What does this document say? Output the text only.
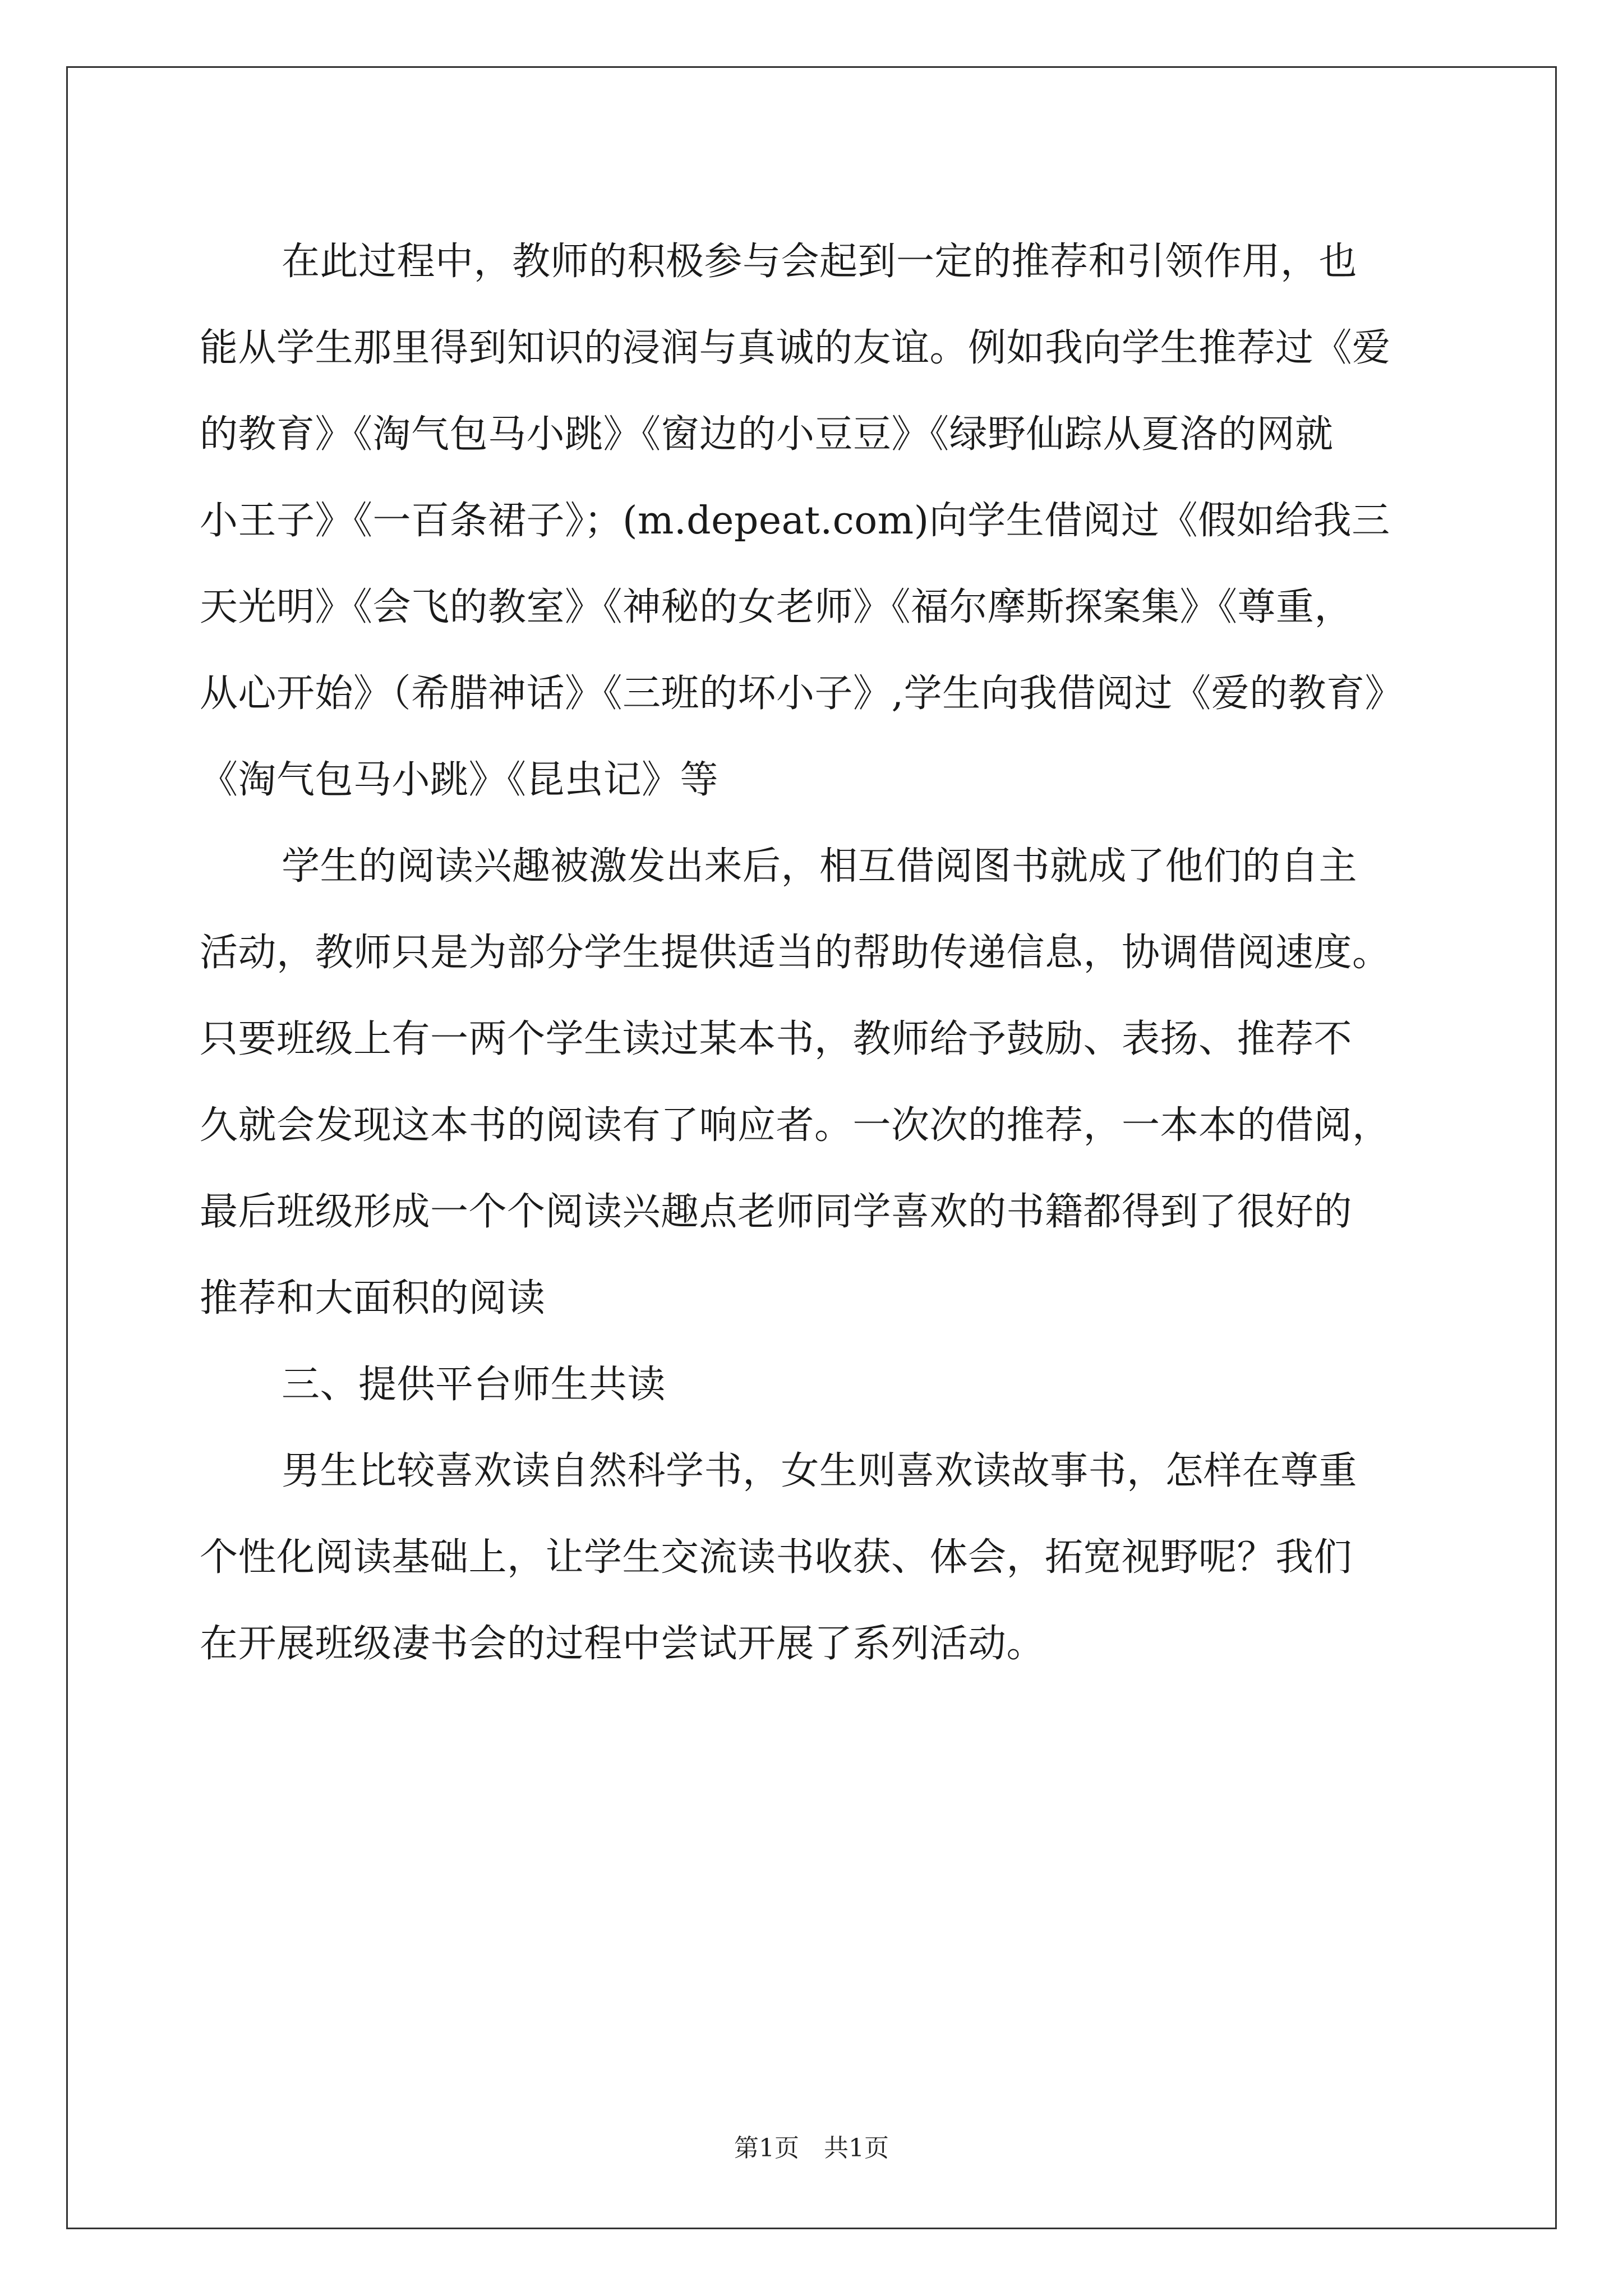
在此过程中，教师的积极参与会起到一定的推荐和引领作用，也
能从学生那里得到知识的浸润与真诚的友谊。例如我向学生推荐过《爱
的教育》《淘气包马小跳》《窗边的小豆豆》《绿野仙踪从夏洛的网就
小王子》《一百条裙子》；(m.depeat.com)向学生借阅过《假如给我三
天光明》《会飞的教室》《神秘的女老师》《福尔摩斯探案集》《尊重，
从心开始》（希腊神话》《三班的坏小子》,学生向我借阅过《爱的教育》
《淘气包马小跳》《昆虫记》等
学生的阅读兴趣被激发出来后，相互借阅图书就成了他们的自主
活动，教师只是为部分学生提供适当的帮助传递信息，协调借阅速度。
只要班级上有一两个学生读过某本书，教师给予鼓励、表扬、推荐不
久就会发现这本书的阅读有了响应者。一次次的推荐，一本本的借阅，
最后班级形成一个个阅读兴趣点老师同学喜欢的书籍都得到了很好的
推荐和大面积的阅读
三、提供平台师生共读
男生比较喜欢读自然科学书，女生则喜欢读故事书，怎样在尊重
个性化阅读基础上，让学生交流读书收获、体会，拓宽视野呢？我们
在开展班级凄书会的过程中尝试开展了系列活动。
第1页　共1页
